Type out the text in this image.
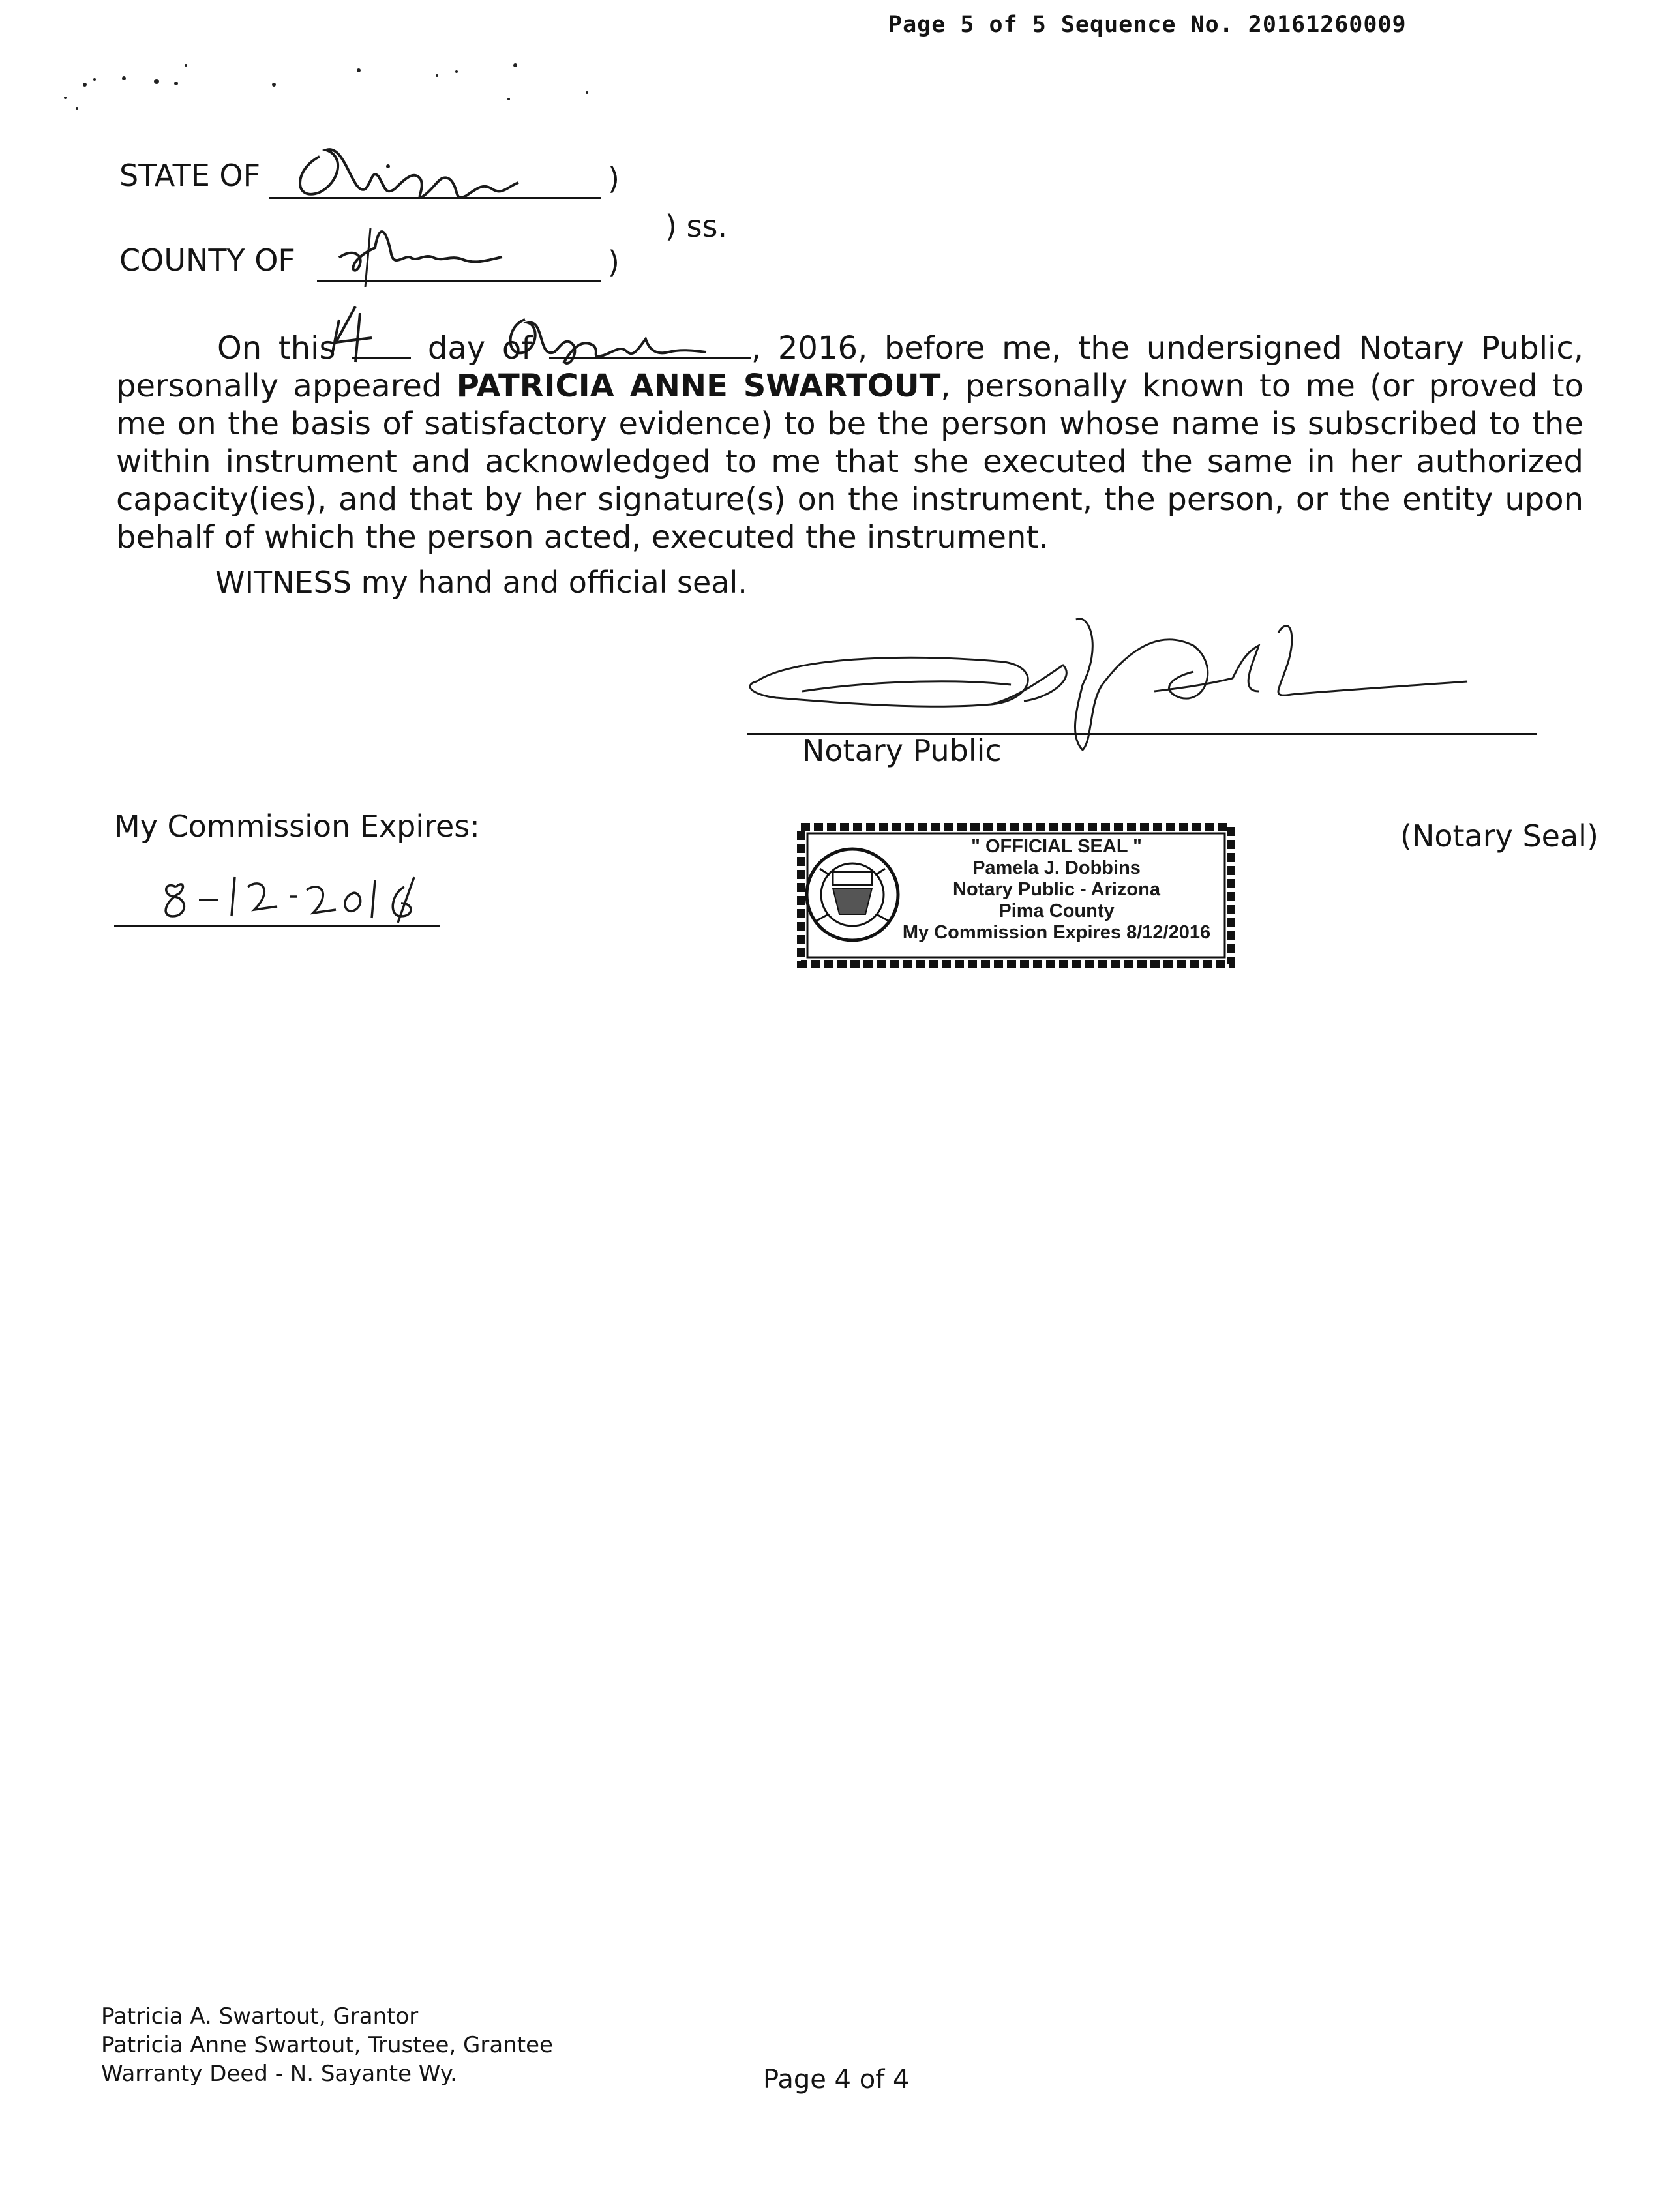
Page 5 of 5 Sequence No. 20161260009
STATE OF	)
) ss.
COUNTY OF	)

On this	day of	, 2016, before me, the undersigned Notary Public, personally appeared PATRICIA ANNE SWARTOUT, personally known to me (or proved to me on the basis of satisfactory evidence) to be the person whose name is subscribed to the within instrument and acknowledged to me that she executed the same in her authorized capacity(ies), and that by her signature(s) on the instrument, the person, or the entity upon behalf of which the person acted, executed the instrument.

WITNESS my hand and official seal.
Notary Public
My Commission Expires:	(Notary Seal)
" OFFICIAL SEAL "
Pamela J. Dobbins
Notary Public - Arizona
Pima County
My Commission Expires 8/12/2016
Patricia A. Swartout, Grantor
Patricia Anne Swartout, Trustee, Grantee
Warranty Deed - N. Sayante Wy.	Page 4 of 4
